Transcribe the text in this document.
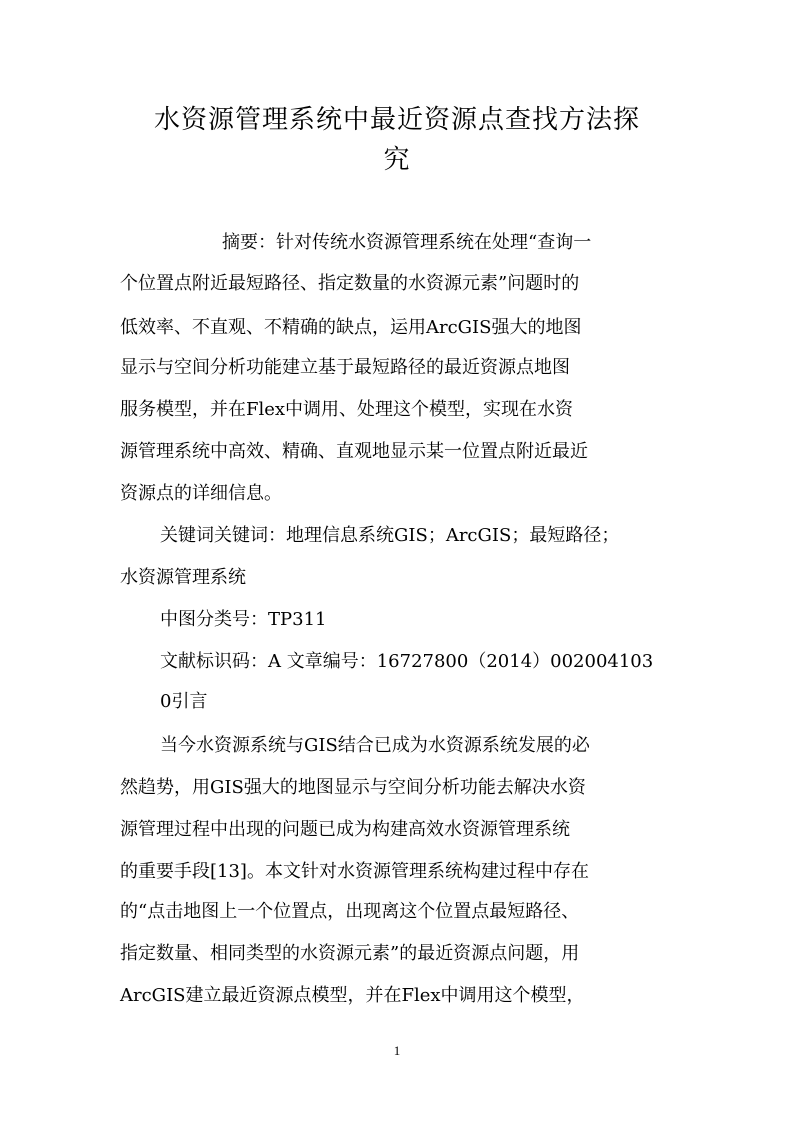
水资源管理系统中最近资源点查找方法探
究

摘要：针对传统水资源管理系统在处理“查询一

个位置点附近最短路径、指定数量的水资源元素”问题时的

低效率、不直观、不精确的缺点，运用ArcGIS强大的地图

显示与空间分析功能建立基于最短路径的最近资源点地图

服务模型，并在Flex中调用、处理这个模型，实现在水资

源管理系统中高效、精确、直观地显示某一位置点附近最近

资源点的详细信息。

关键词关键词：地理信息系统GIS；ArcGIS；最短路径；

水资源管理系统

中图分类号：TP311

文献标识码：A 文章编号：16727800（2014）002004103

0引言

当今水资源系统与GIS结合已成为水资源系统发展的必

然趋势，用GIS强大的地图显示与空间分析功能去解决水资

源管理过程中出现的问题已成为构建高效水资源管理系统

的重要手段[13]。本文针对水资源管理系统构建过程中存在

的“点击地图上一个位置点，出现离这个位置点最短路径、

指定数量、相同类型的水资源元素”的最近资源点问题，用

ArcGIS建立最近资源点模型，并在Flex中调用这个模型，

1
